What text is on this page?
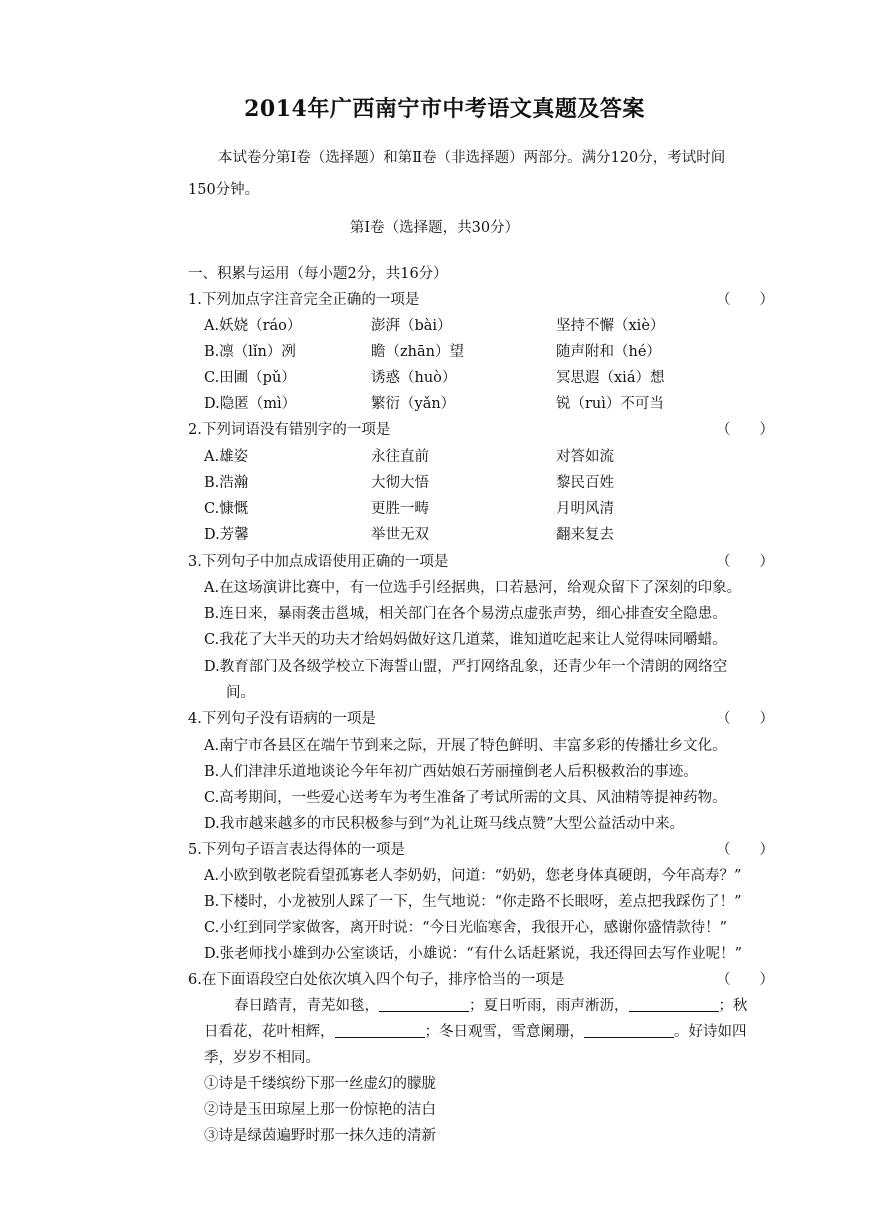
2014年广西南宁市中考语文真题及答案
本试卷分第Ⅰ卷（选择题）和第Ⅱ卷（非选择题）两部分。满分120分，考试时间
150分钟。
第Ⅰ卷（选择题，共30分）
一、积累与运用（每小题2分，共16分）
1.下列加点字注音完全正确的一项是	（　　）
A.妖娆（ráo）	澎湃（bài）	坚持不懈（xiè）
B.凛（lǐn）冽	瞻（zhān）望	随声附和（hé）
C.田圃（pǔ）	诱惑（huò）	冥思遐（xiá）想
D.隐匿（mì）	繁衍（yǎn）	锐（ruì）不可当
2.下列词语没有错别字的一项是	（　　）
A.雄姿	永往直前	对答如流
B.浩瀚	大彻大悟	黎民百姓
C.慷慨	更胜一畴	月明风清
D.芳馨	举世无双	翻来复去
3.下列句子中加点成语使用正确的一项是	（　　）
A.在这场演讲比赛中，有一位选手引经据典，口若悬河，给观众留下了深刻的印象。
B.连日来，暴雨袭击邕城，相关部门在各个易涝点虚张声势，细心排查安全隐患。
C.我花了大半天的功夫才给妈妈做好这几道菜，谁知道吃起来让人觉得味同嚼蜡。
D.教育部门及各级学校立下海誓山盟，严打网络乱象，还青少年一个清朗的网络空
间。
4.下列句子没有语病的一项是	（　　）
A.南宁市各县区在端午节到来之际，开展了特色鲜明、丰富多彩的传播壮乡文化。
B.人们津津乐道地谈论今年年初广西姑娘石芳丽撞倒老人后积极救治的事迹。
C.高考期间，一些爱心送考车为考生准备了考试所需的文具、风油精等提神药物。
D.我市越来越多的市民积极参与到“为礼让斑马线点赞”大型公益活动中来。
5.下列句子语言表达得体的一项是	（　　）
A.小欧到敬老院看望孤寡老人李奶奶，问道：“奶奶，您老身体真硬朗，今年高寿？”
B.下楼时，小龙被别人踩了一下，生气地说：“你走路不长眼呀，差点把我踩伤了！”
C.小红到同学家做客，离开时说：“今日光临寒舍，我很开心，感谢你盛情款待！”
D.张老师找小雄到办公室谈话，小雄说：“有什么话赶紧说，我还得回去写作业呢！”
6.在下面语段空白处依次填入四个句子，排序恰当的一项是	（　　）
春日踏青，青芜如毯，	；夏日听雨，雨声淅沥，	；秋
日看花，花叶相辉，	；冬日观雪，雪意阑珊，	。好诗如四
季，岁岁不相同。
①诗是千缕缤纷下那一丝虚幻的朦胧
②诗是玉田琼屋上那一份惊艳的洁白
③诗是绿茵遍野时那一抹久违的清新
